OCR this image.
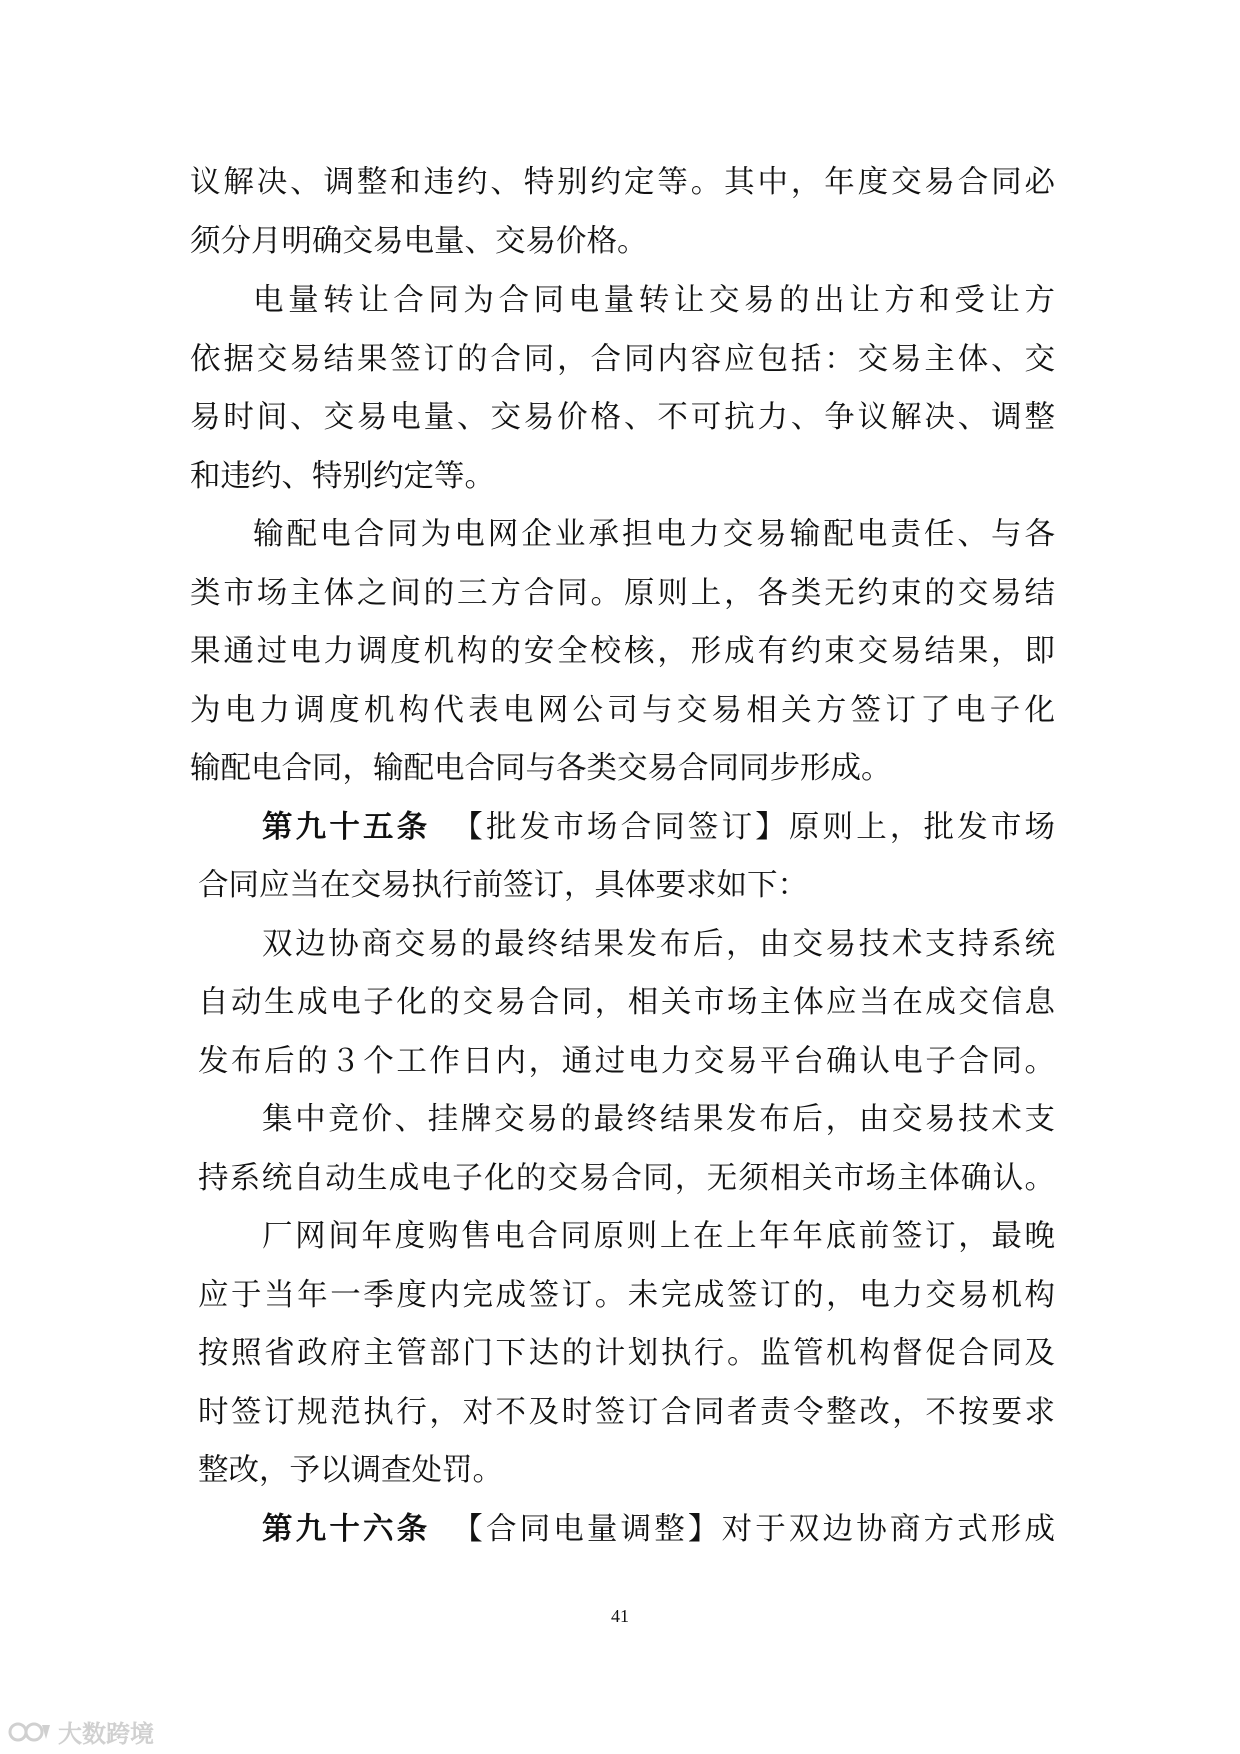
议解决、调整和违约、特别约定等。其中，年度交易合同必
须分月明确交易电量、交易价格。
电量转让合同为合同电量转让交易的出让方和受让方
依据交易结果签订的合同，合同内容应包括：交易主体、交
易时间、交易电量、交易价格、不可抗力、争议解决、调整
和违约、特别约定等。
输配电合同为电网企业承担电力交易输配电责任、与各
类市场主体之间的三方合同。原则上，各类无约束的交易结
果通过电力调度机构的安全校核，形成有约束交易结果，即
为电力调度机构代表电网公司与交易相关方签订了电子化
输配电合同，输配电合同与各类交易合同同步形成。
第九十五条 【批发市场合同签订】原则上，批发市场
合同应当在交易执行前签订，具体要求如下：
双边协商交易的最终结果发布后，由交易技术支持系统
自动生成电子化的交易合同，相关市场主体应当在成交信息
发布后的３个工作日内，通过电力交易平台确认电子合同。
集中竞价、挂牌交易的最终结果发布后，由交易技术支
持系统自动生成电子化的交易合同，无须相关市场主体确认。
厂网间年度购售电合同原则上在上年年底前签订，最晚
应于当年一季度内完成签订。未完成签订的，电力交易机构
按照省政府主管部门下达的计划执行。监管机构督促合同及
时签订规范执行，对不及时签订合同者责令整改，不按要求
整改，予以调查处罚。
第九十六条 【合同电量调整】对于双边协商方式形成
41
大数跨境
